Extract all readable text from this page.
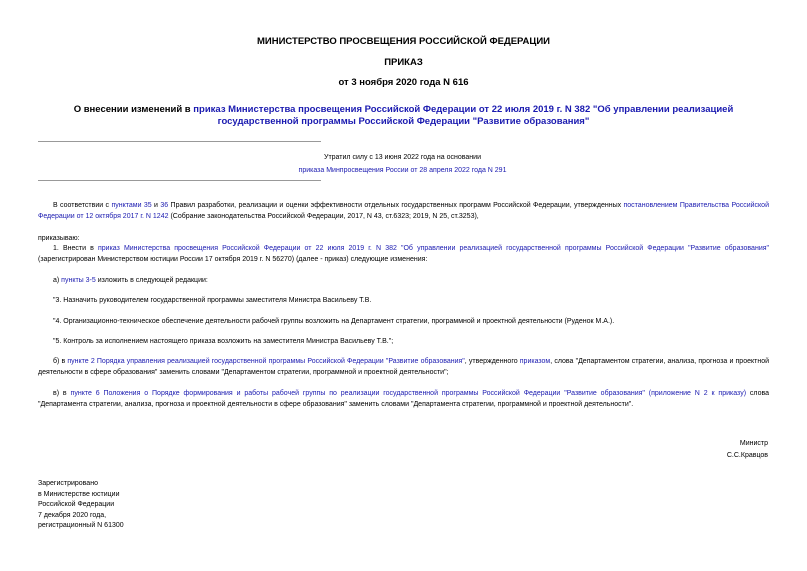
МИНИСТЕРСТВО ПРОСВЕЩЕНИЯ РОССИЙСКОЙ ФЕДЕРАЦИИ
ПРИКАЗ
от 3 ноября 2020 года N 616
О внесении изменений в приказ Министерства просвещения Российской Федерации от 22 июля 2019 г. N 382 "Об управлении реализацией государственной программы Российской Федерации "Развитие образования"
Утратил силу с 13 июня 2022 года на основании
приказа Минпросвещения России от 28 апреля 2022 года N 291
В соответствии с пунктами 35 и 36 Правил разработки, реализации и оценки эффективности отдельных государственных программ Российской Федерации, утвержденных постановлением Правительства Российской Федерации от 12 октября 2017 г. N 1242 (Собрание законодательства Российской Федерации, 2017, N 43, ст.6323; 2019, N 25, ст.3253),
приказываю:
1. Внести в приказ Министерства просвещения Российской Федерации от 22 июля 2019 г. N 382 "Об управлении реализацией государственной программы Российской Федерации "Развитие образования" (зарегистрирован Министерством юстиции России 17 октября 2019 г. N 56270) (далее - приказ) следующие изменения:
а) пункты 3-5 изложить в следующей редакции:
"3. Назначить руководителем государственной программы заместителя Министра Васильеву Т.В.
"4. Организационно-техническое обеспечение деятельности рабочей группы возложить на Департамент стратегии, программной и проектной деятельности (Руденок М.А.).
"5. Контроль за исполнением настоящего приказа возложить на заместителя Министра Васильеву Т.В.";
б) в пункте 2 Порядка управления реализацией государственной программы Российской Федерации "Развитие образования", утвержденного приказом, слова "Департаментом стратегии, анализа, прогноза и проектной деятельности в сфере образования" заменить словами "Департаментом стратегии, программной и проектной деятельности";
в) в пункте 6 Положения о Порядке формирования и работы рабочей группы по реализации государственной программы Российской Федерации "Развитие образования" (приложение N 2 к приказу) слова "Департамента стратегии, анализа, прогноза и проектной деятельности в сфере образования" заменить словами "Департамента стратегии, программной и проектной деятельности".
Министр
С.С.Кравцов
Зарегистрировано
в Министерстве юстиции
Российской Федерации
7 декабря 2020 года,
регистрационный N 61300
